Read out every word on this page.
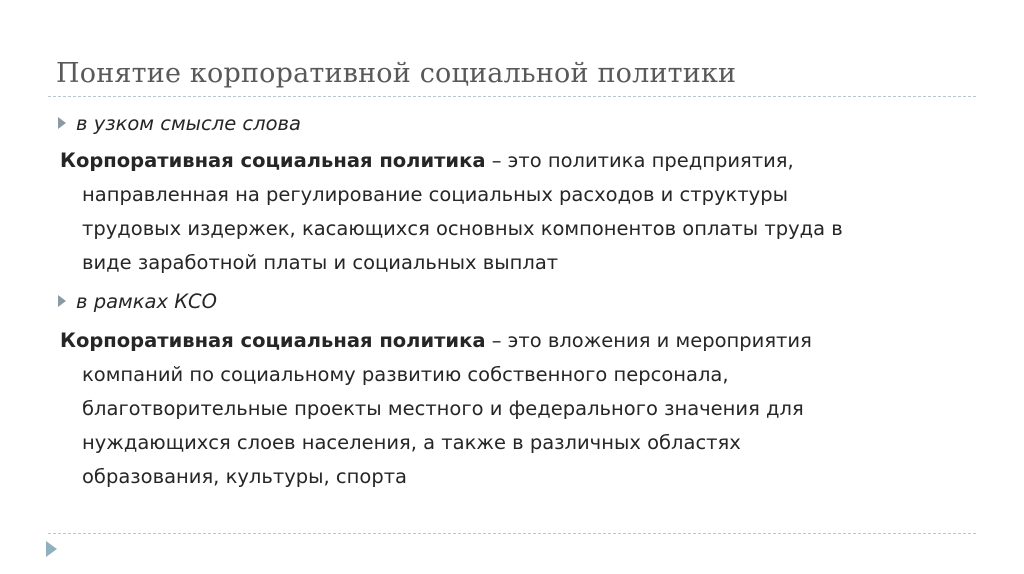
Понятие корпоративной социальной политики
в узком смысле слова
Корпоративная социальная политика – это политика предприятия,
направленная на регулирование социальных расходов и структуры
трудовых издержек, касающихся основных компонентов оплаты труда в
виде заработной платы и социальных выплат
в рамках КСО
Корпоративная социальная политика – это вложения и мероприятия
компаний по социальному развитию собственного персонала,
благотворительные проекты местного и федерального значения для
нуждающихся слоев населения, а также в различных областях
образования, культуры, спорта
